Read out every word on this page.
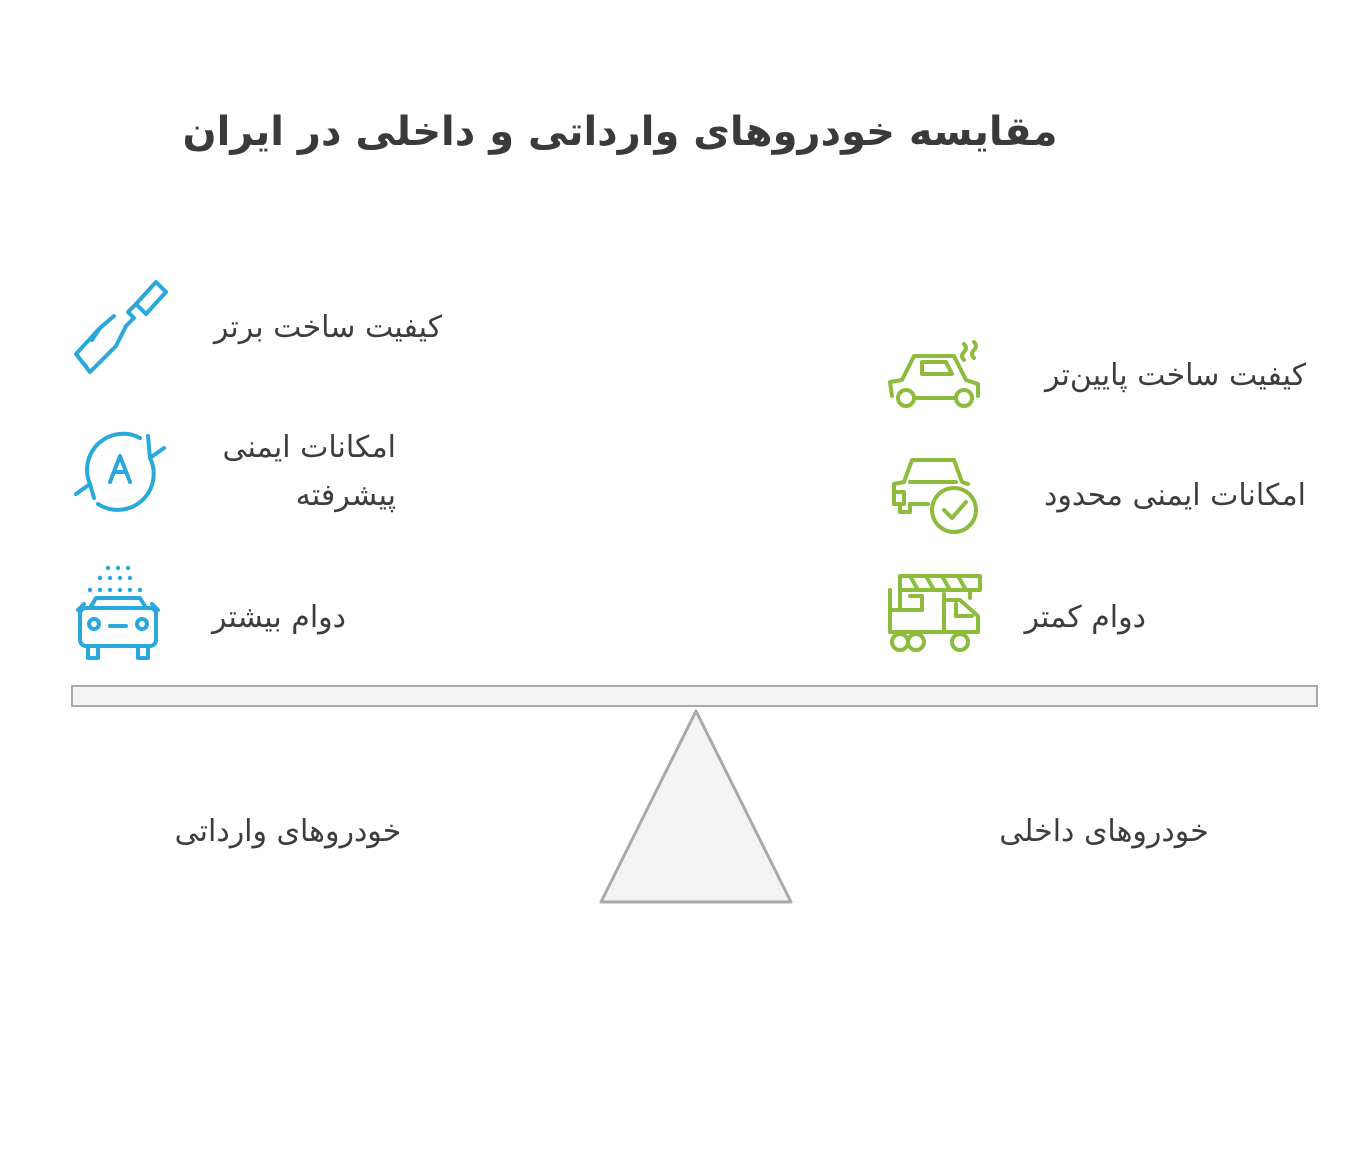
مقایسه خودروهای وارداتی و داخلی در ایران
کیفیت ساخت برتر
امکانات ایمنی پیشرفته
دوام بیشتر
کیفیت ساخت پایین‌تر
امکانات ایمنی محدود
دوام کمتر
خودروهای وارداتی	خودروهای داخلی
